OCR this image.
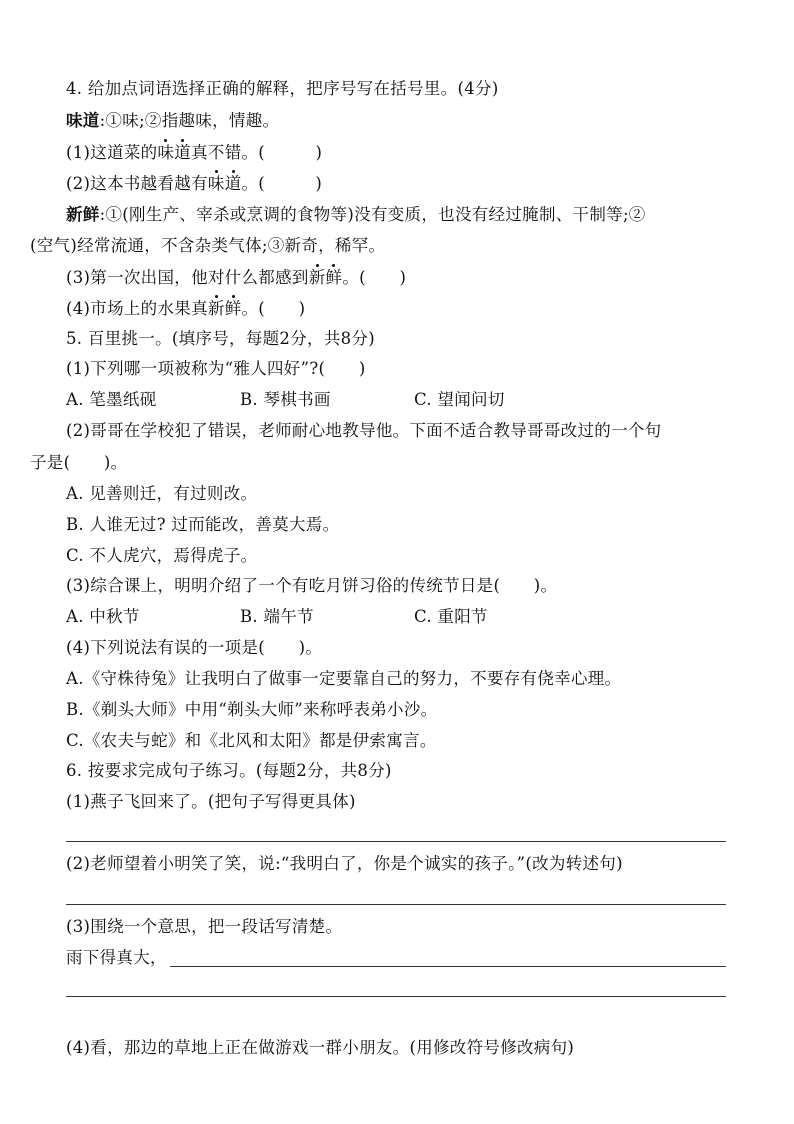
4. 给加点词语选择正确的解释，把序号写在括号里。(4分)
味道:①味;②指趣味，情趣。
(1)这道菜的味道真不错。(　　　)
(2)这本书越看越有味道。(　　　)
新鲜:①(刚生产、宰杀或烹调的食物等)没有变质，也没有经过腌制、干制等;②
(空气)经常流通，不含杂类气体;③新奇，稀罕。
(3)第一次出国，他对什么都感到新鲜。(　　)
(4)市场上的水果真新鲜。(　　)
5. 百里挑一。(填序号，每题2分，共8分)
(1)下列哪一项被称为“雅人四好”?(　　)
A. 笔墨纸砚	B. 琴棋书画	C. 望闻问切
(2)哥哥在学校犯了错误，老师耐心地教导他。下面不适合教导哥哥改过的一个句
子是(　　)。
A. 见善则迁，有过则改。
B. 人谁无过? 过而能改，善莫大焉。
C. 不人虎穴，焉得虎子。
(3)综合课上，明明介绍了一个有吃月饼习俗的传统节日是(　　)。
A. 中秋节	B. 端午节	C. 重阳节
(4)下列说法有误的一项是(　　)。
A.《守株待兔》让我明白了做事一定要靠自己的努力，不要存有侥幸心理。
B.《剃头大师》中用“剃头大师”来称呼表弟小沙。
C.《农夫与蛇》和《北风和太阳》都是伊索寓言。
6. 按要求完成句子练习。(每题2分，共8分)
(1)燕子飞回来了。(把句子写得更具体)
(2)老师望着小明笑了笑，说:“我明白了，你是个诚实的孩子。”(改为转述句)
(3)围绕一个意思，把一段话写清楚。
雨下得真大，
(4)看，那边的草地上正在做游戏一群小朋友。(用修改符号修改病句)
